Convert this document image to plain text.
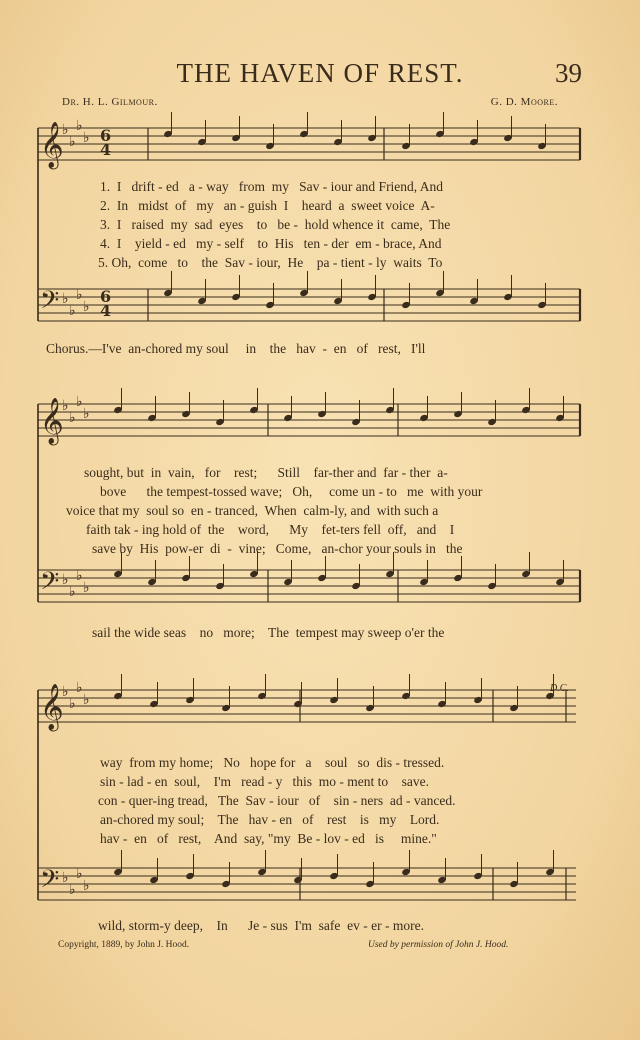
THE HAVEN OF REST.	39
Dr. H. L. Gilmour.	G. D. Moore.
𝄞
♭
♭
♭
♭
𝄢 ♭
♭
♭
♭
𝄞
♭
♭
♭
♭
𝄢 ♭
♭
♭
♭
𝄞
♭
♭
♭
♭
𝄢 ♭
♭
♭
♭
6
4
6
4
1.  I   drift - ed   a - way   from  my   Sav - iour and Friend, And
2.  In   midst  of   my   an - guish  I    heard  a  sweet voice  A-
3.  I   raised  my  sad  eyes    to   be -  hold whence it  came,  The
4.  I    yield - ed   my - self    to  His   ten - der  em - brace, And
5. Oh,  come   to    the  Sav - iour,  He    pa - tient - ly  waits  To
Chorus.—I've  an-chored my soul     in    the   hav  -  en   of   rest,   I'll
sought, but  in  vain,   for    rest;      Still    far-ther and  far - ther  a-
bove      the tempest-tossed wave;   Oh,     come un - to   me  with your
voice that my  soul so  en - tranced,  When  calm-ly, and  with such a
faith tak - ing hold of  the    word,      My    fet-ters fell  off,   and    I
save by  His  pow-er  di  -  vine;   Come,   an-chor your souls in   the
sail the wide seas    no   more;    The  tempest may sweep o'er the
way  from my home;   No   hope for   a    soul   so  dis - tressed.
sin - lad - en  soul,    I'm   read - y   this  mo - ment to    save.
con - quer-ing tread,   The  Sav - iour   of    sin - ners  ad - vanced.
an-chored my soul;    The   hav - en   of    rest    is   my    Lord.
hav -  en   of   rest,    And  say, "my  Be - lov - ed   is     mine."
wild, storm-y deep,    In      Je - sus  I'm  safe  ev - er - more.
D.C.
Copyright, 1889, by John J. Hood.	Used by permission of John J. Hood.
